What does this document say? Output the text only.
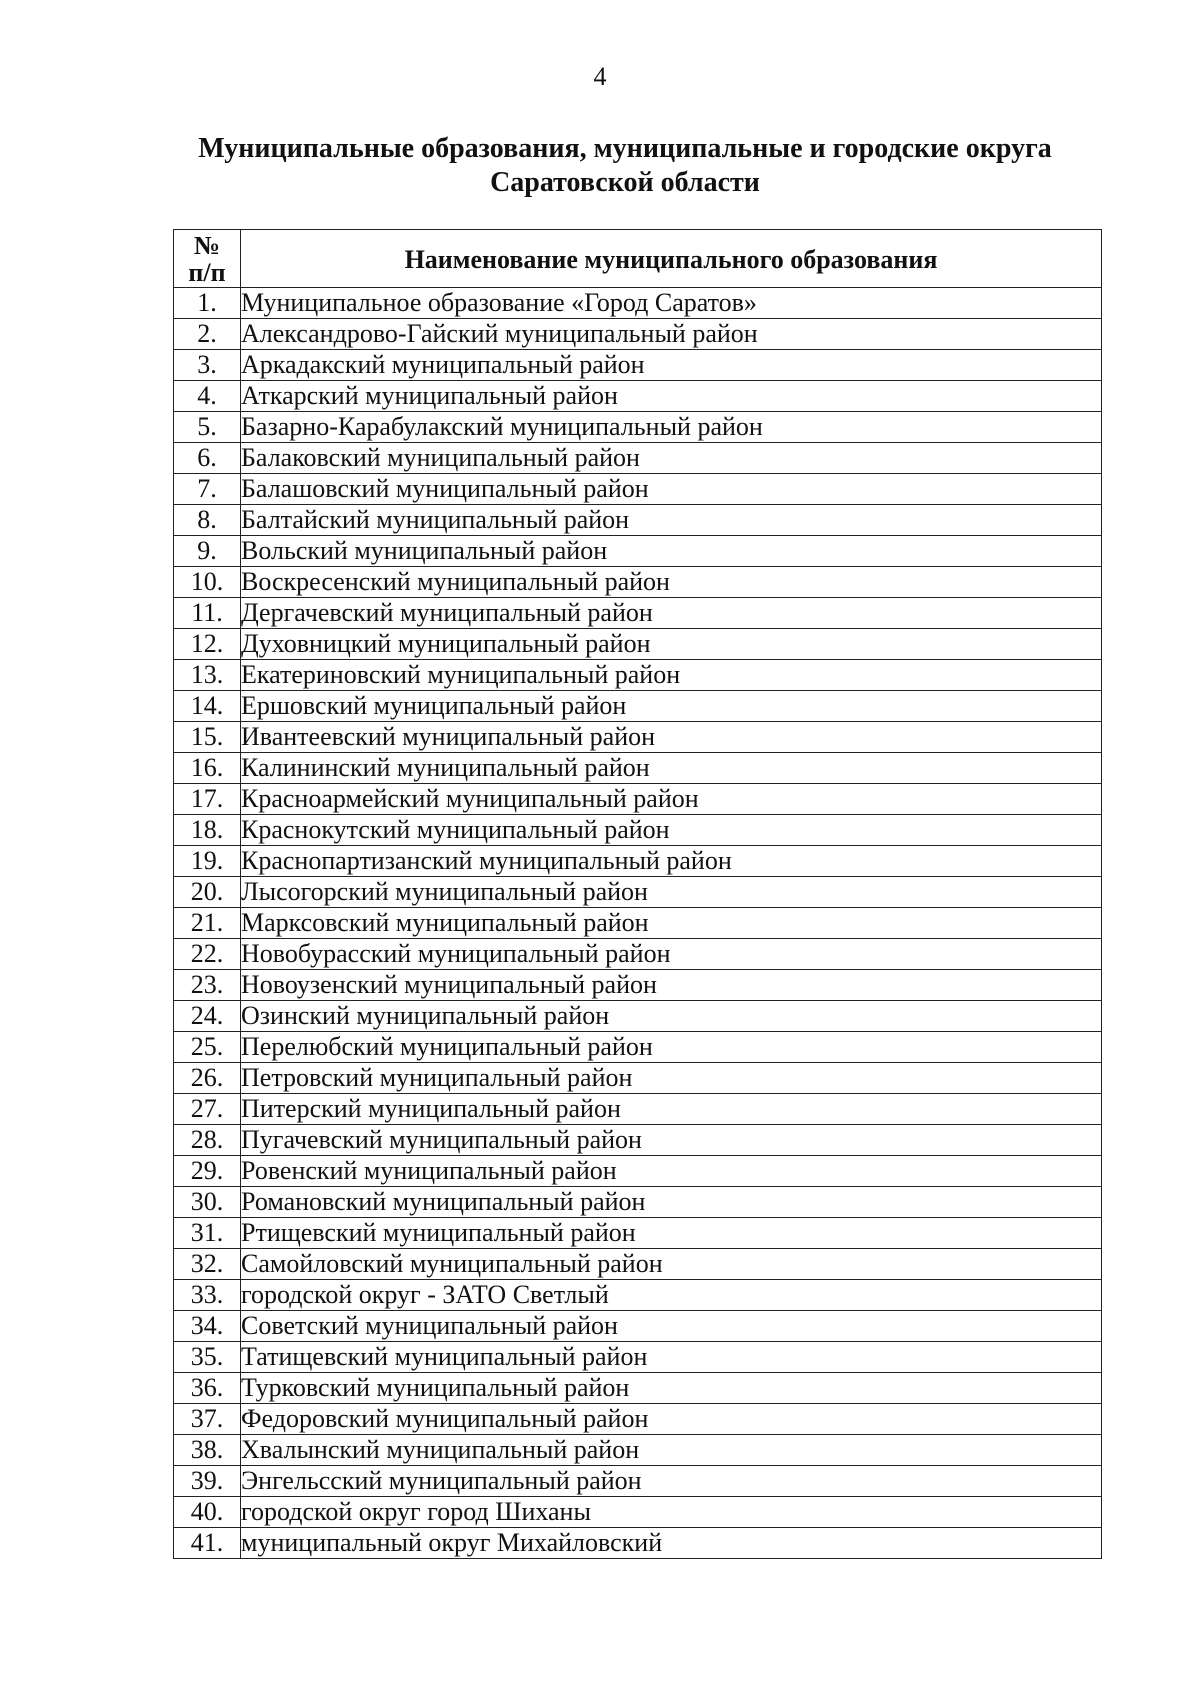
4
Муниципальные образования, муниципальные и городские округа
Саратовской области
№
п/п	Наименование муниципального образования
1.	Муниципальное образование «Город Саратов»
2.	Александрово-Гайский муниципальный район
3.	Аркадакский муниципальный район
4.	Аткарский муниципальный район
5.	Базарно-Карабулакский муниципальный район
6.	Балаковский муниципальный район
7.	Балашовский муниципальный район
8.	Балтайский муниципальный район
9.	Вольский муниципальный район
10.	Воскресенский муниципальный район
11.	Дергачевский муниципальный район
12.	Духовницкий муниципальный район
13.	Екатериновский муниципальный район
14.	Ершовский муниципальный район
15.	Ивантеевский муниципальный район
16.	Калининский муниципальный район
17.	Красноармейский муниципальный район
18.	Краснокутский муниципальный район
19.	Краснопартизанский муниципальный район
20.	Лысогорский муниципальный район
21.	Марксовский муниципальный район
22.	Новобурасский муниципальный район
23.	Новоузенский муниципальный район
24.	Озинский муниципальный район
25.	Перелюбский муниципальный район
26.	Петровский муниципальный район
27.	Питерский муниципальный район
28.	Пугачевский муниципальный район
29.	Ровенский муниципальный район
30.	Романовский муниципальный район
31.	Ртищевский муниципальный район
32.	Самойловский муниципальный район
33.	городской округ - ЗАТО Светлый
34.	Советский муниципальный район
35.	Татищевский муниципальный район
36.	Турковский муниципальный район
37.	Федоровский муниципальный район
38.	Хвалынский муниципальный район
39.	Энгельсский муниципальный район
40.	городской округ город Шиханы
41.	муниципальный округ Михайловский
